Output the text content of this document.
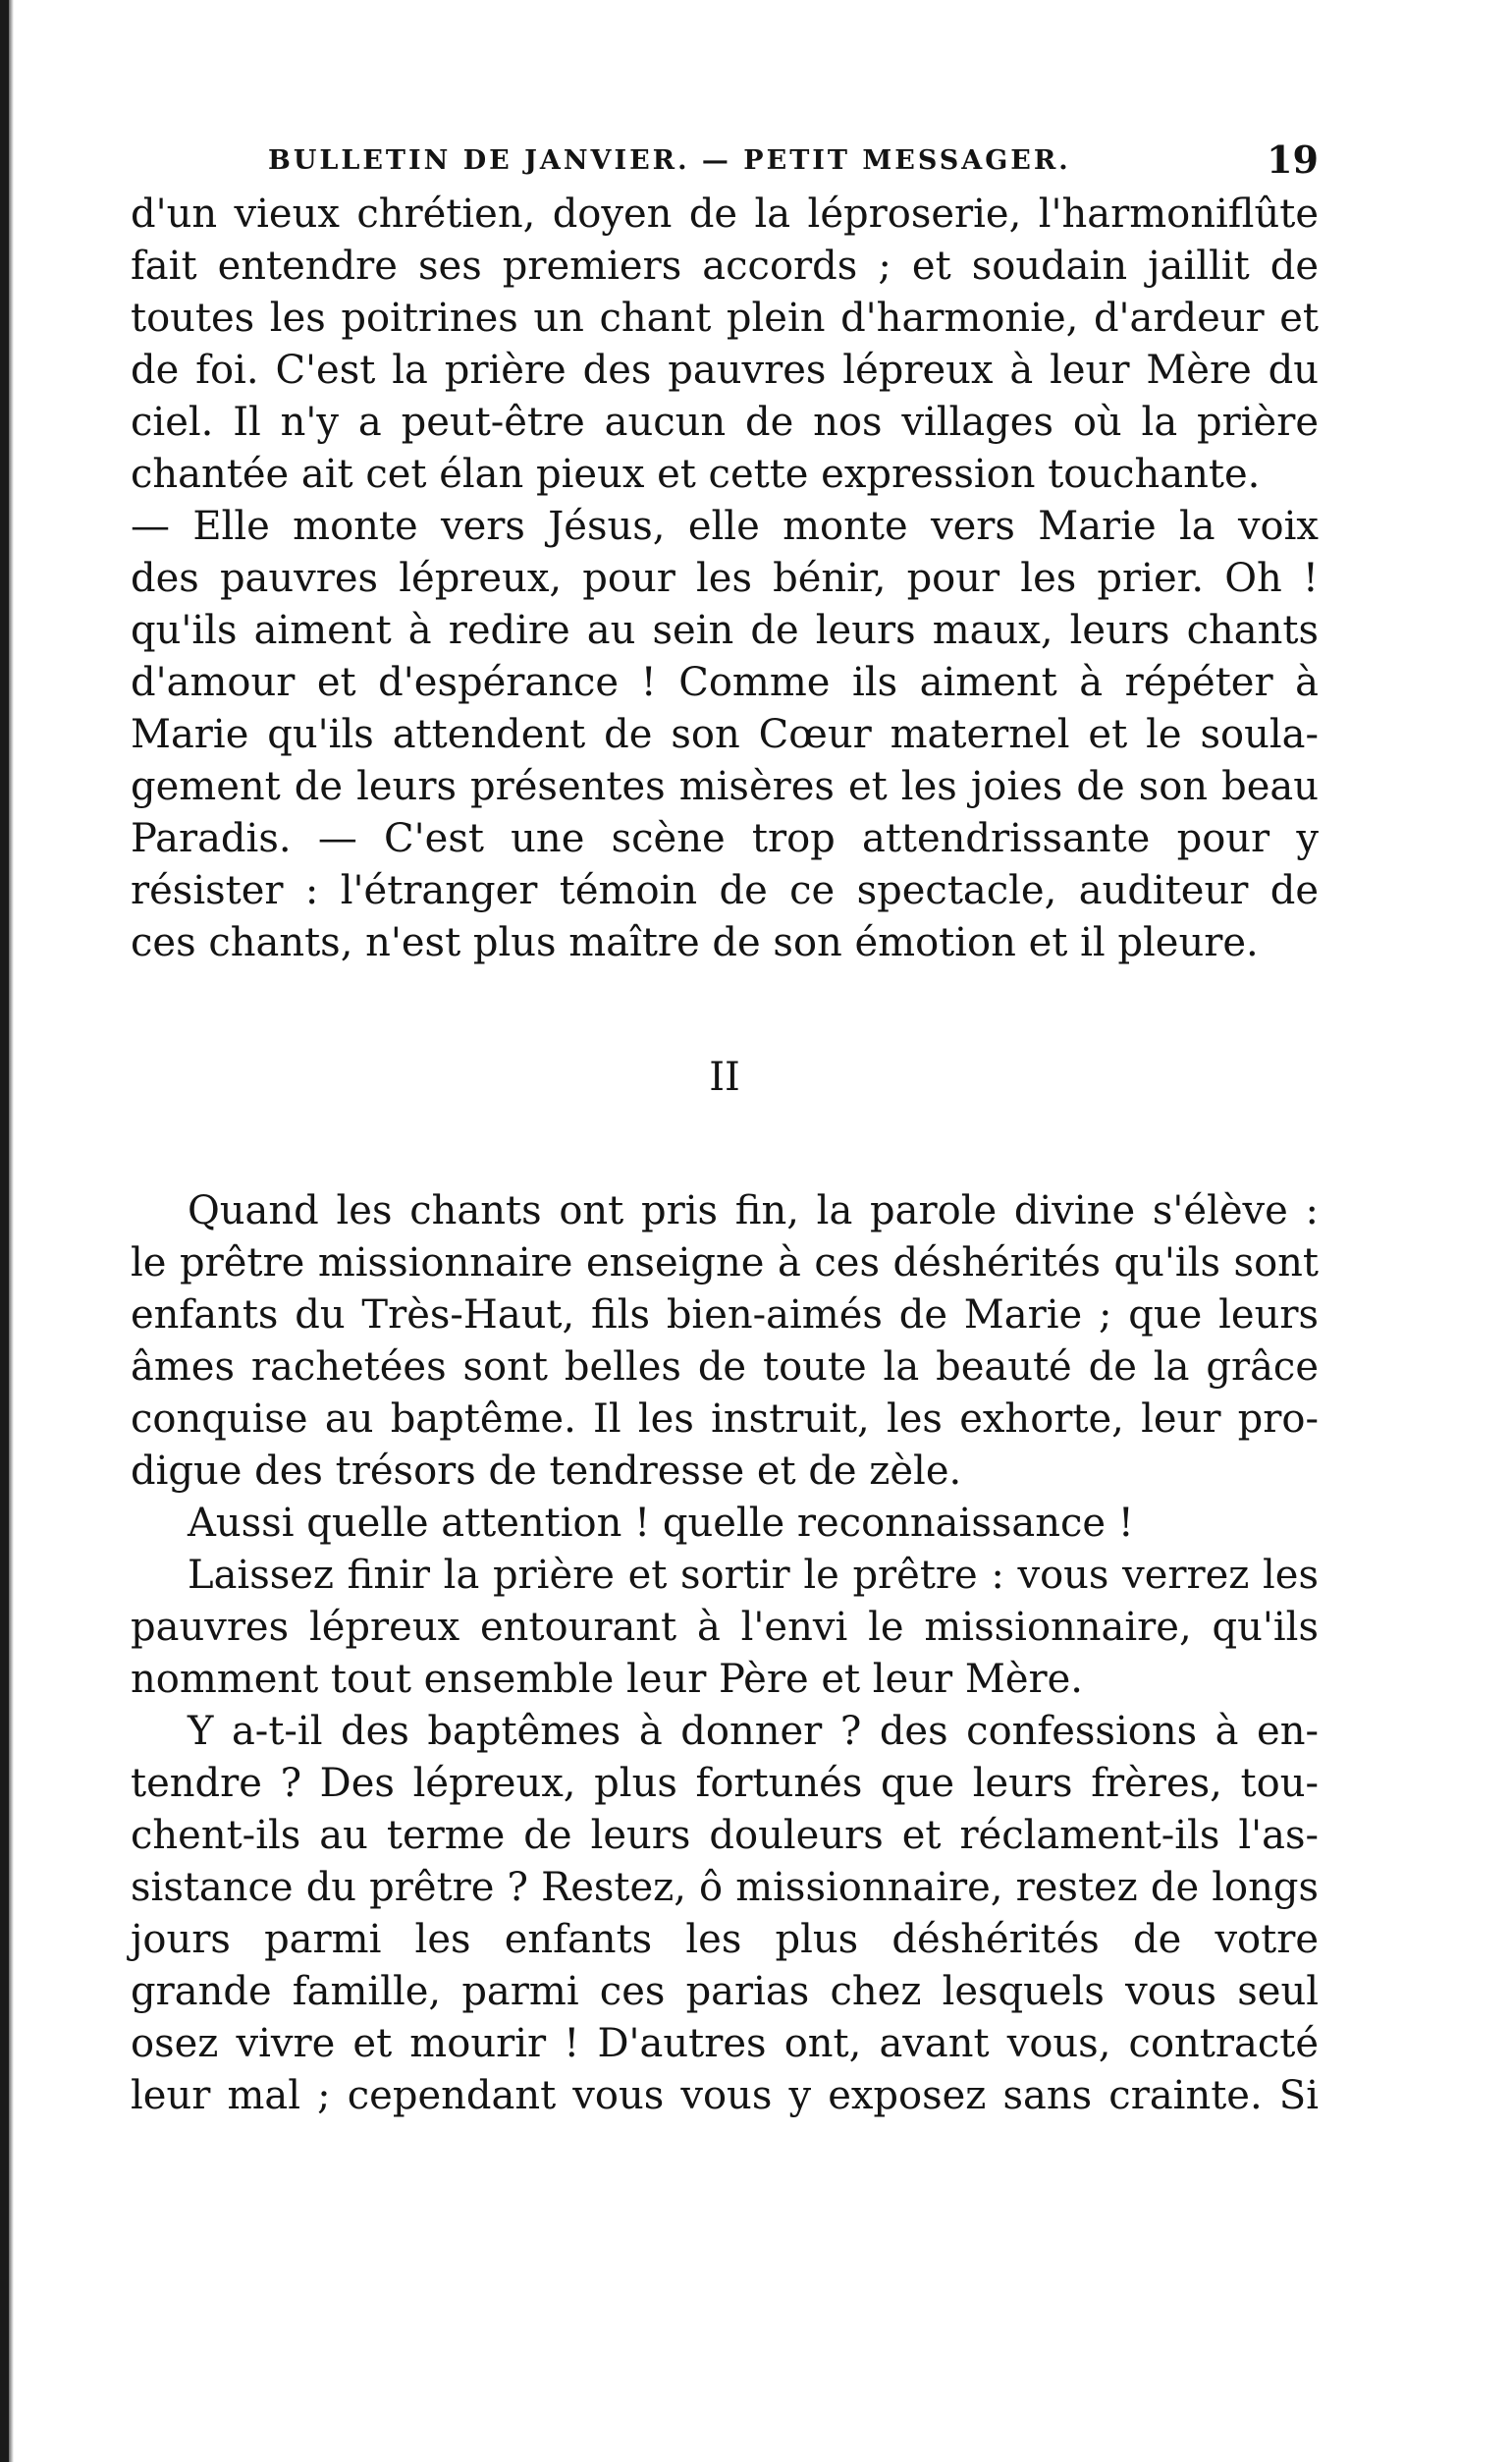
BULLETIN DE JANVIER. — PETIT MESSAGER.	19
d'un vieux chrétien, doyen de la léproserie, l'harmoniflûte
fait entendre ses premiers accords ; et soudain jaillit de
toutes les poitrines un chant plein d'harmonie, d'ardeur et
de foi. C'est la prière des pauvres lépreux à leur Mère du
ciel. Il n'y a peut-être aucun de nos villages où la prière
chantée ait cet élan pieux et cette expression touchante.
— Elle monte vers Jésus, elle monte vers Marie la voix
des pauvres lépreux, pour les bénir, pour les prier. Oh !
qu'ils aiment à redire au sein de leurs maux, leurs chants
d'amour et d'espérance ! Comme ils aiment à répéter à
Marie qu'ils attendent de son Cœur maternel et le soula-
gement de leurs présentes misères et les joies de son beau
Paradis. — C'est une scène trop attendrissante pour y
résister : l'étranger témoin de ce spectacle, auditeur de
ces chants, n'est plus maître de son émotion et il pleure.
II
Quand les chants ont pris fin, la parole divine s'élève :
le prêtre missionnaire enseigne à ces déshérités qu'ils sont
enfants du Très-Haut, fils bien-aimés de Marie ; que leurs
âmes rachetées sont belles de toute la beauté de la grâce
conquise au baptême. Il les instruit, les exhorte, leur pro-
digue des trésors de tendresse et de zèle.
Aussi quelle attention ! quelle reconnaissance !
Laissez finir la prière et sortir le prêtre : vous verrez les
pauvres lépreux entourant à l'envi le missionnaire, qu'ils
nomment tout ensemble leur Père et leur Mère.
Y a-t-il des baptêmes à donner ? des confessions à en-
tendre ? Des lépreux, plus fortunés que leurs frères, tou-
chent-ils au terme de leurs douleurs et réclament-ils l'as-
sistance du prêtre ? Restez, ô missionnaire, restez de longs
jours parmi les enfants les plus déshérités de votre
grande famille, parmi ces parias chez lesquels vous seul
osez vivre et mourir ! D'autres ont, avant vous, contracté
leur mal ; cependant vous vous y exposez sans crainte. Si
